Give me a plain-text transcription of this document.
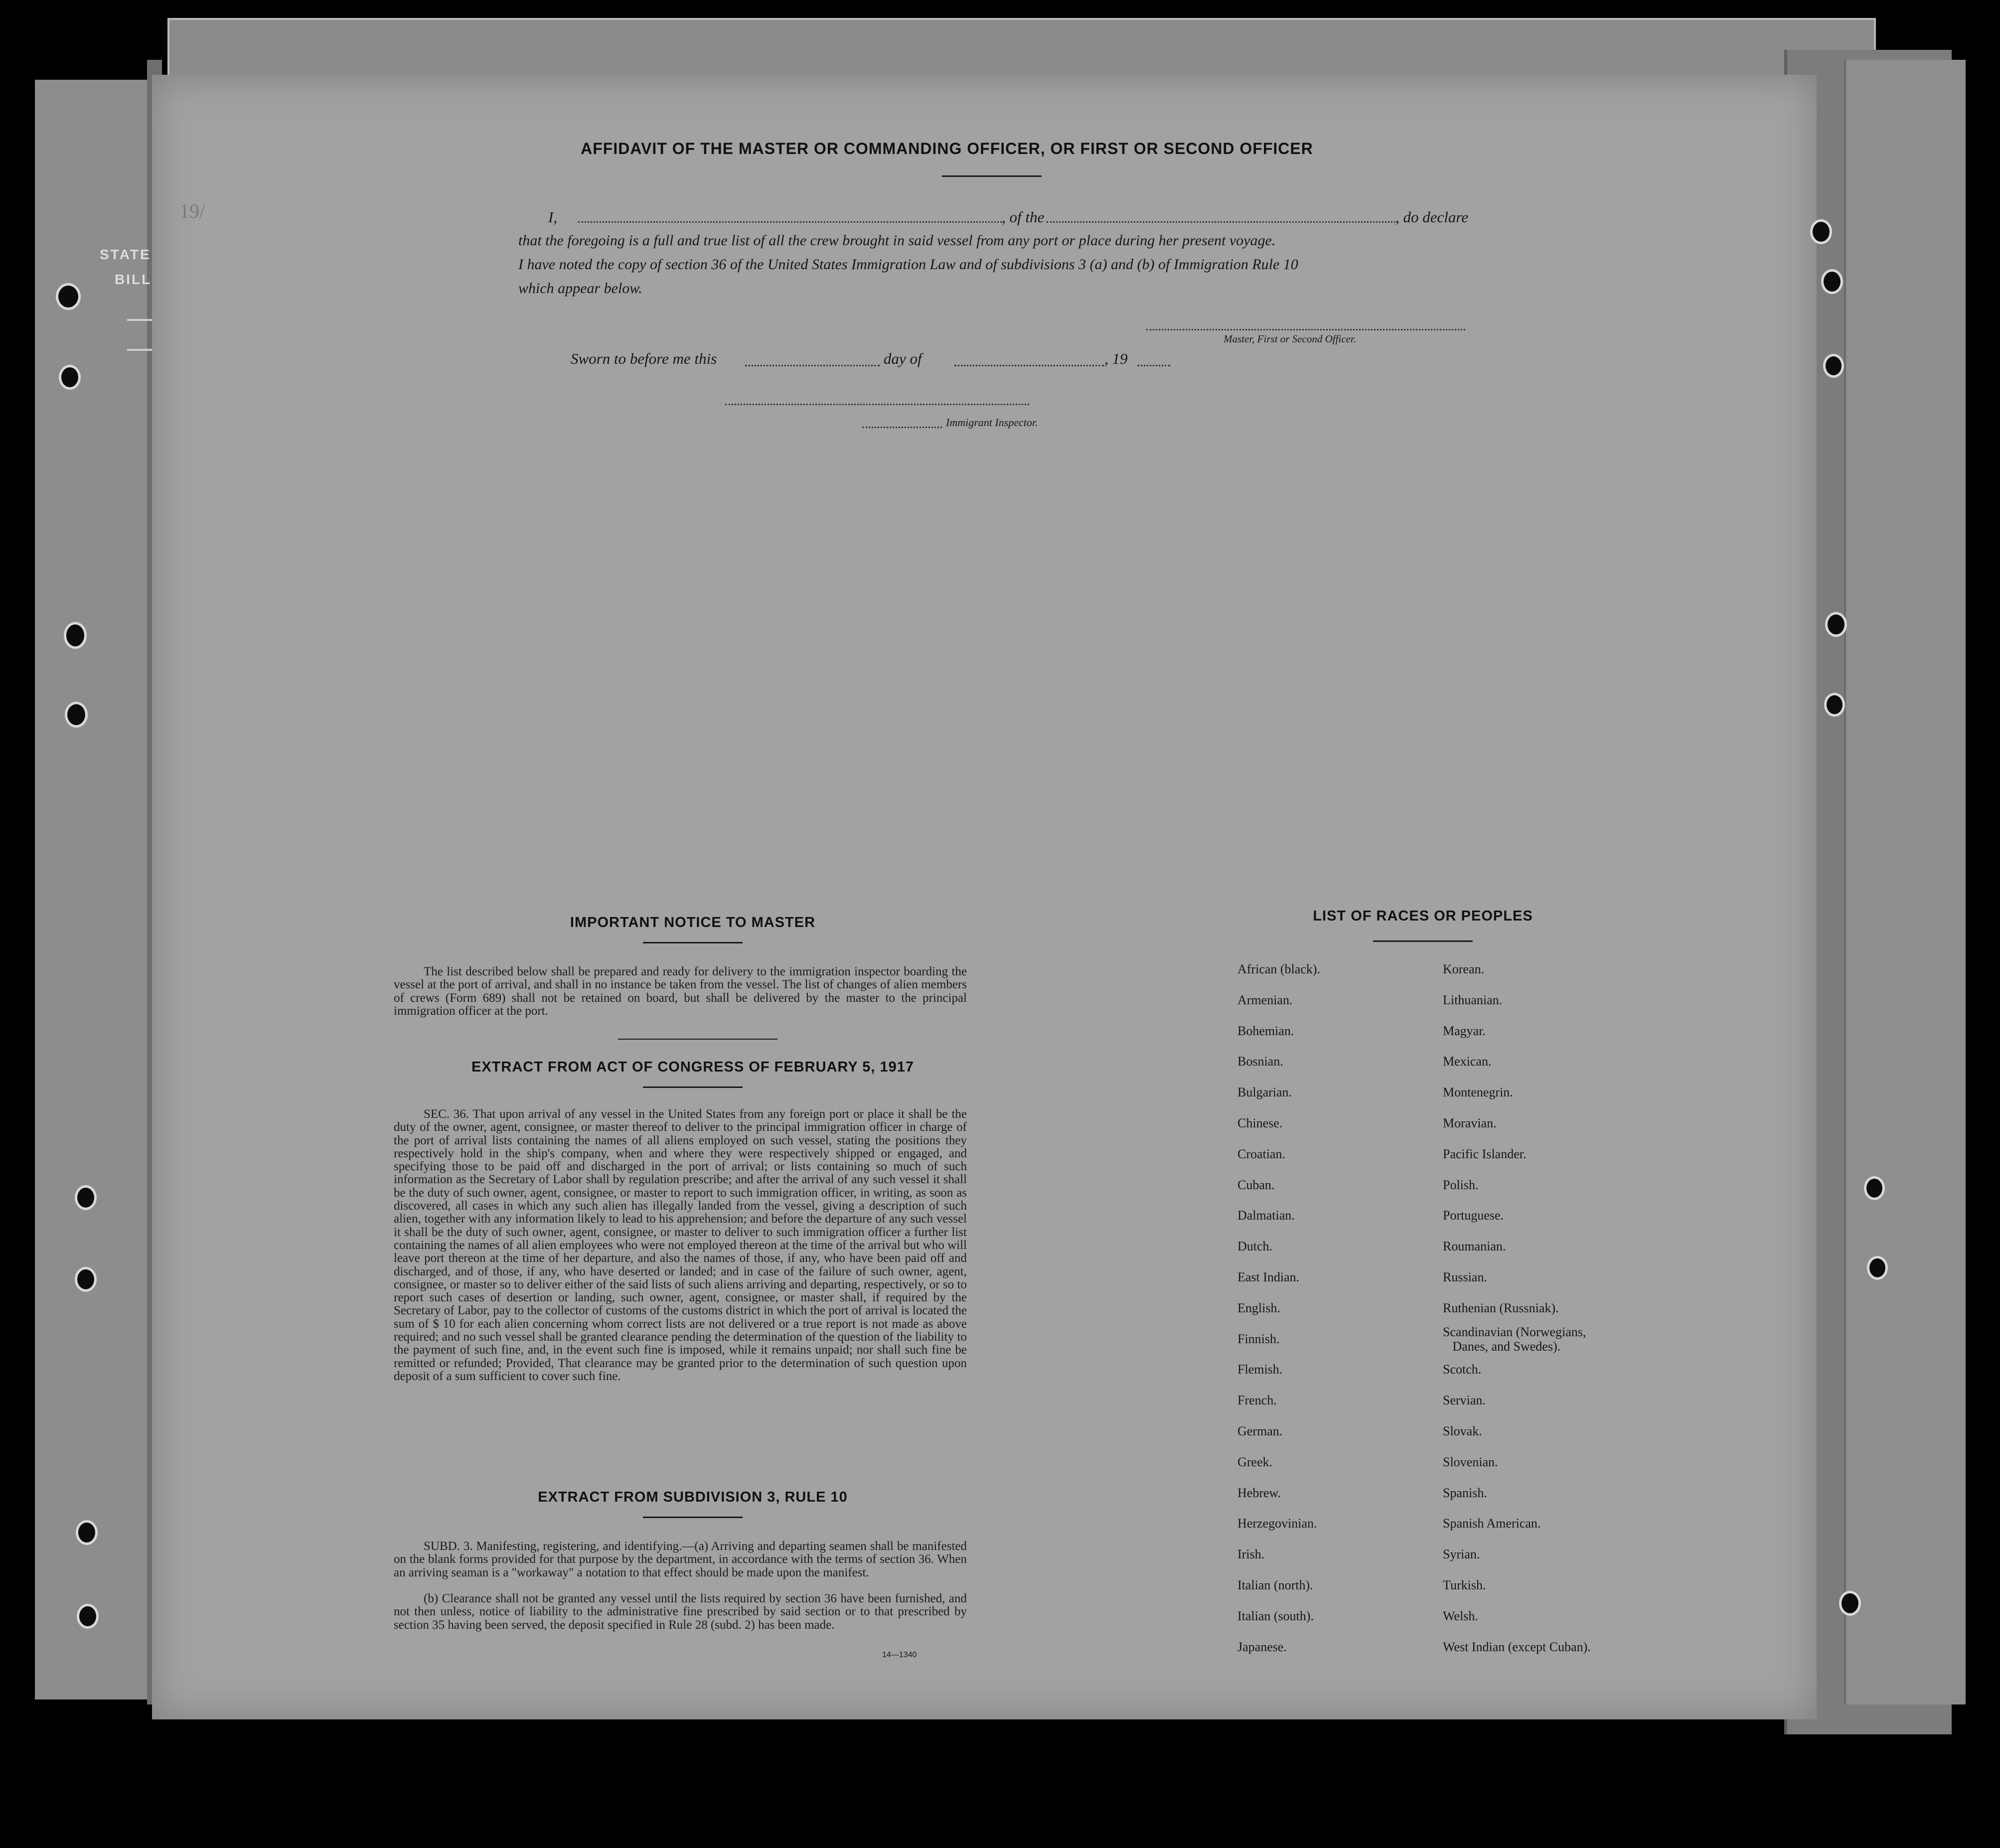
STATE
BILL
19/
AFFIDAVIT OF THE MASTER OR COMMANDING OFFICER, OR FIRST OR SECOND OFFICER
I,	, of the	, do declare
that the foregoing is a full and true list of all the crew brought in said vessel from any port or place during her present voyage.
I have noted the copy of section 36 of the United States Immigration Law and of subdivisions 3 (a) and (b) of Immigration Rule 10
which appear below.
Master, First or Second Officer.
Sworn to before me this	day of	, 19
Immigrant Inspector.
IMPORTANT NOTICE TO MASTER
The list described below shall be prepared and ready for delivery to the immigration inspector boarding the vessel at the port of arrival, and shall in no instance be taken from the vessel. The list of changes of alien members of crews (Form 689) shall not be retained on board, but shall be delivered by the master to the principal immigration officer at the port.
EXTRACT FROM ACT OF CONGRESS OF FEBRUARY 5, 1917
SEC. 36. That upon arrival of any vessel in the United States from any foreign port or place it shall be the duty of the owner, agent, consignee, or master thereof to deliver to the principal immigration officer in charge of the port of arrival lists containing the names of all aliens employed on such vessel, stating the positions they respectively hold in the ship's company, when and where they were respectively shipped or engaged, and specifying those to be paid off and discharged in the port of arrival; or lists containing so much of such information as the Secretary of Labor shall by regulation prescribe; and after the arrival of any such vessel it shall be the duty of such owner, agent, consignee, or master to report to such immigration officer, in writing, as soon as discovered, all cases in which any such alien has illegally landed from the vessel, giving a description of such alien, together with any information likely to lead to his apprehension; and before the departure of any such vessel it shall be the duty of such owner, agent, consignee, or master to deliver to such immigration officer a further list containing the names of all alien employees who were not employed thereon at the time of the arrival but who will leave port thereon at the time of her departure, and also the names of those, if any, who have been paid off and discharged, and of those, if any, who have deserted or landed; and in case of the failure of such owner, agent, consignee, or master so to deliver either of the said lists of such aliens arriving and departing, respectively, or so to report such cases of desertion or landing, such owner, agent, consignee, or master shall, if required by the Secretary of Labor, pay to the collector of customs of the customs district in which the port of arrival is located the sum of $ 10 for each alien concerning whom correct lists are not delivered or a true report is not made as above required; and no such vessel shall be granted clearance pending the determination of the question of the liability to the payment of such fine, and, in the event such fine is imposed, while it remains unpaid; nor shall such fine be remitted or refunded; Provided, That clearance may be granted prior to the determination of such question upon deposit of a sum sufficient to cover such fine.
EXTRACT FROM SUBDIVISION 3, RULE 10
SUBD. 3. Manifesting, registering, and identifying.—(a) Arriving and departing seamen shall be manifested on the blank forms provided for that purpose by the department, in accordance with the terms of section 36. When an arriving seaman is a "workaway" a notation to that effect should be made upon the manifest.
(b) Clearance shall not be granted any vessel until the lists required by section 36 have been furnished, and not then unless, notice of liability to the administrative fine prescribed by said section or to that prescribed by section 35 having been served, the deposit specified in Rule 28 (subd. 2) has been made.
14—1340
LIST OF RACES OR PEOPLES
African (black).
Armenian.
Bohemian.
Bosnian.
Bulgarian.
Chinese.
Croatian.
Cuban.
Dalmatian.
Dutch.
East Indian.
English.
Finnish.
Flemish.
French.
German.
Greek.
Hebrew.
Herzegovinian.
Irish.
Italian (north).
Italian (south).
Japanese.
Korean.
Lithuanian.
Magyar.
Mexican.
Montenegrin.
Moravian.
Pacific Islander.
Polish.
Portuguese.
Roumanian.
Russian.
Ruthenian (Russniak).
Scandinavian (Norwegians,
Danes, and Swedes).
Scotch.
Servian.
Slovak.
Slovenian.
Spanish.
Spanish American.
Syrian.
Turkish.
Welsh.
West Indian (except Cuban).
